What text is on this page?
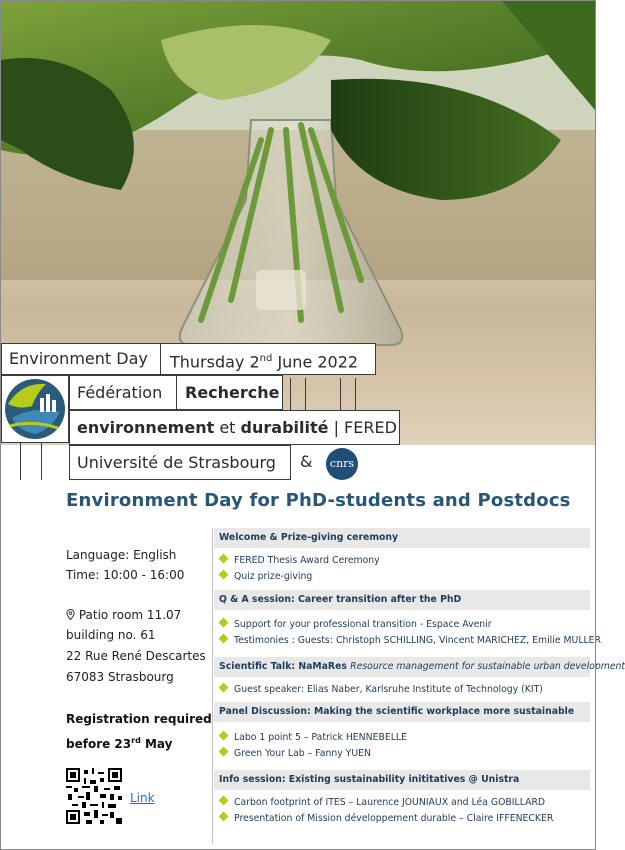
Environment Day	Thursday 2nd June 2022
Fédération	Recherche
environnement et durabilité | FERED
Université de Strasbourg	&	cnrs
Environment Day for PhD-students and Postdocs
Language: English
Time: 10:00 - 16:00
Patio room 11.07
building no. 61
22 Rue René Descartes
67083 Strasbourg
Registration required
before 23rd May
Link
Welcome & Prize-giving ceremony
FERED Thesis Award Ceremony
Quiz prize-giving
Q & A session: Career transition after the PhD
Support for your professional transition - Espace Avenir
Testimonies : Guests: Christoph SCHILLING, Vincent MARICHEZ, Emilie MULLER
Scientific Talk: NaMaRes Resource management for sustainable urban development
Guest speaker: Elias Naber, Karlsruhe Institute of Technology (KIT)
Panel Discussion: Making the scientific workplace more sustainable
Labo 1 point 5 – Patrick HENNEBELLE
Green Your Lab – Fanny YUEN
Info session: Existing sustainability inititatives @ Unistra
Carbon footprint of ITES – Laurence JOUNIAUX and Léa GOBILLARD
Presentation of Mission développement durable – Claire IFFENECKER
